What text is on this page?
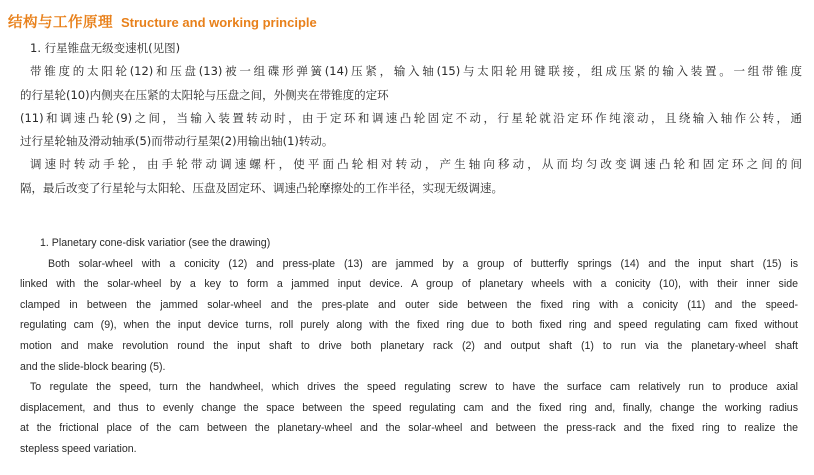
结构与工作原理 Structure and working principle
1. 行星锥盘无级变速机(见图)
带锥度的太阳轮(12)和压盘(13)被一组碟形弹簧(14)压紧，输入轴(15)与太阳轮用键联接，组成压紧的输入装置。一组带锥度
的行星轮(10)内侧夹在压紧的太阳轮与压盘之间，外侧夹在带锥度的定环
(11)和调速凸轮(9)之间，当输入装置转动时，由于定环和调速凸轮固定不动，行星轮就沿定环作纯滚动，且绕输入轴作公转，通
过行星轮轴及滑动轴承(5)而带动行星架(2)用输出轴(1)转动。
调速时转动手轮，由手轮带动调速螺杆，使平面凸轮相对转动，产生轴向移动，从而均匀改变调速凸轮和固定环之间的间
隔，最后改变了行星轮与太阳轮、压盘及固定环、调速凸轮摩擦处的工作半径，实现无级调速。
1. Planetary cone-disk variatior (see the drawing)
Both solar-wheel with a conicity (12) and press-plate (13) are jammed by a group of butterfly springs (14) and the input shart (15) is
linked with the solar-wheel by a key to form a jammed input device. A group of planetary wheels with a conicity (10), with their inner side
clamped in between the jammed solar-wheel and the pres-plate and outer side between the fixed ring with a conicity (11) and the speed-
regulating cam (9), when the input device turns, roll purely along with the fixed ring due to both fixed ring and speed regulating cam fixed without
motion and make revolution round the input shaft to drive both planetary rack (2) and output shaft (1) to run via the planetary-wheel shaft
and the slide-block bearing (5).
To regulate the speed, turn the handwheel, which drives the speed regulating screw to have the surface cam relatively run to produce axial
displacement, and thus to evenly change the space between the speed regulating cam and the fixed ring and, finally, change the working radius
at the frictional place of the cam between the planetary-wheel and the solar-wheel and between the press-rack and the fixed ring to realize the
stepless speed variation.
